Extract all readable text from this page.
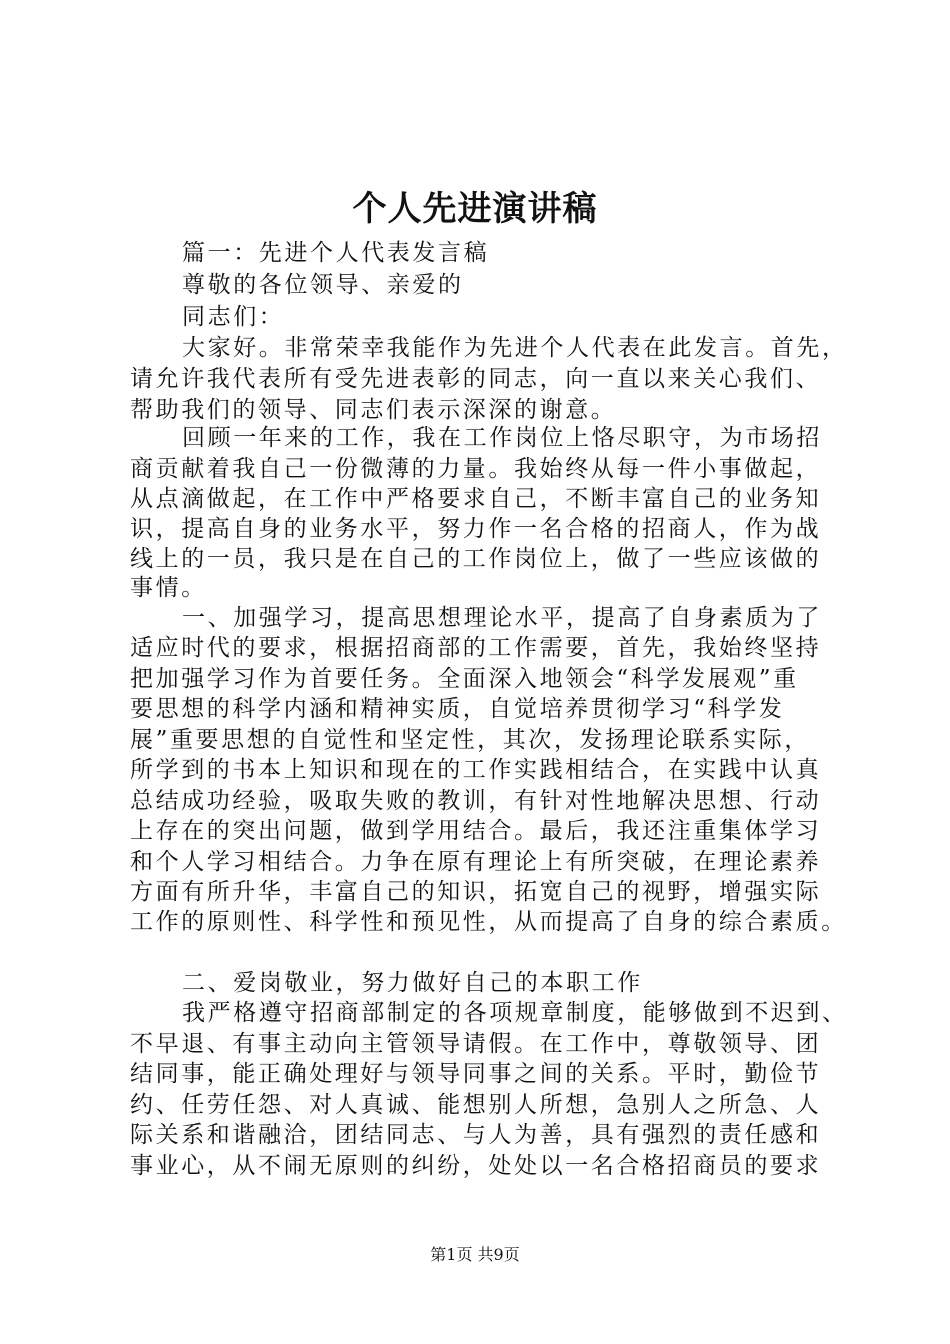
个人先进演讲稿
篇一：先进个人代表发言稿
尊敬的各位领导、亲爱的
同志们：
大家好。非常荣幸我能作为先进个人代表在此发言。首先，
请允许我代表所有受先进表彰的同志，向一直以来关心我们、
帮助我们的领导、同志们表示深深的谢意。
回顾一年来的工作，我在工作岗位上恪尽职守，为市场招
商贡献着我自己一份微薄的力量。我始终从每一件小事做起，
从点滴做起，在工作中严格要求自己，不断丰富自己的业务知
识，提高自身的业务水平，努力作一名合格的招商人，作为战
线上的一员，我只是在自己的工作岗位上，做了一些应该做的
事情。
一、加强学习，提高思想理论水平，提高了自身素质为了
适应时代的要求，根据招商部的工作需要，首先，我始终坚持
把加强学习作为首要任务。全面深入地领会“科学发展观”重
要思想的科学内涵和精神实质，自觉培养贯彻学习“科学发
展”重要思想的自觉性和坚定性，其次，发扬理论联系实际，
所学到的书本上知识和现在的工作实践相结合，在实践中认真
总结成功经验，吸取失败的教训，有针对性地解决思想、行动
上存在的突出问题，做到学用结合。最后，我还注重集体学习
和个人学习相结合。力争在原有理论上有所突破，在理论素养
方面有所升华，丰富自己的知识，拓宽自己的视野，增强实际
工作的原则性、科学性和预见性，从而提高了自身的综合素质。
二、爱岗敬业，努力做好自己的本职工作
我严格遵守招商部制定的各项规章制度，能够做到不迟到、
不早退、有事主动向主管领导请假。在工作中，尊敬领导、团
结同事，能正确处理好与领导同事之间的关系。平时，勤俭节
约、任劳任怨、对人真诚、能想别人所想，急别人之所急、人
际关系和谐融洽，团结同志、与人为善，具有强烈的责任感和
事业心，从不闹无原则的纠纷，处处以一名合格招商员的要求
第1页 共9页
